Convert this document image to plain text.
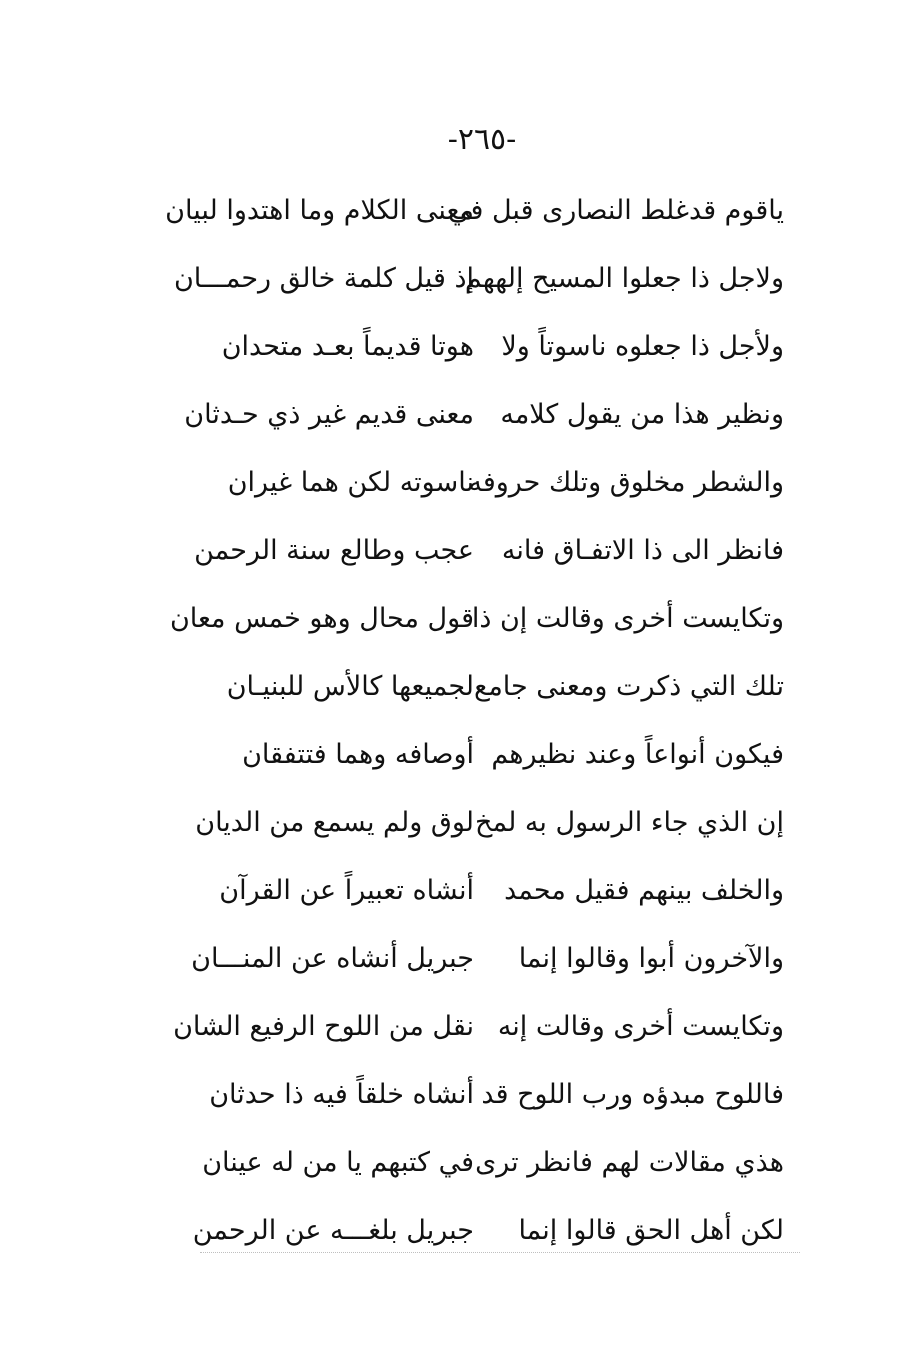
-٢٦٥-
ياقوم قدغلط النصارى قبل في
معنى الكلام وما اهتدوا لبيان
ولاجل ذا جعلوا المسيح إلههم
إذ قيل كلمة خالق رحمـــان
ولأجل ذا جعلوه ناسوتاً ولا
هوتا قديماً بعـد متحدان
ونظير هذا من يقول كلامه
معنى قديم غير ذي حـدثان
والشطر مخلوق وتلك حروفه
ناسوته لكن هما غيران
فانظر الى ذا الاتفـاق فانه
عجب وطالع سنة الرحمن
وتكايست أخرى وقالت إن ذا
قول محال وهو خمس معان
تلك التي ذكرت ومعنى جامع
لجميعها كالأس للبنيـان
فيكون أنواعاً وعند نظيرهم
أوصافه وهما فتتفقان
إن الذي جاء الرسول به لمخ
لوق ولم يسمع من الديان
والخلف بينهم فقيل محمد
أنشاه تعبيراً عن القرآن
والآخرون أبوا وقالوا إنما
جبريل أنشاه عن المنـــان
وتكايست أخرى وقالت إنه
نقل من اللوح الرفيع الشان
فاللوح مبدؤه ورب اللوح قد
أنشاه خلقاً فيه ذا حدثان
هذي مقالات لهم فانظر ترى
في كتبهم يا من له عينان
لكن أهل الحق قالوا إنما
جبريل بلغـــه عن الرحمن
